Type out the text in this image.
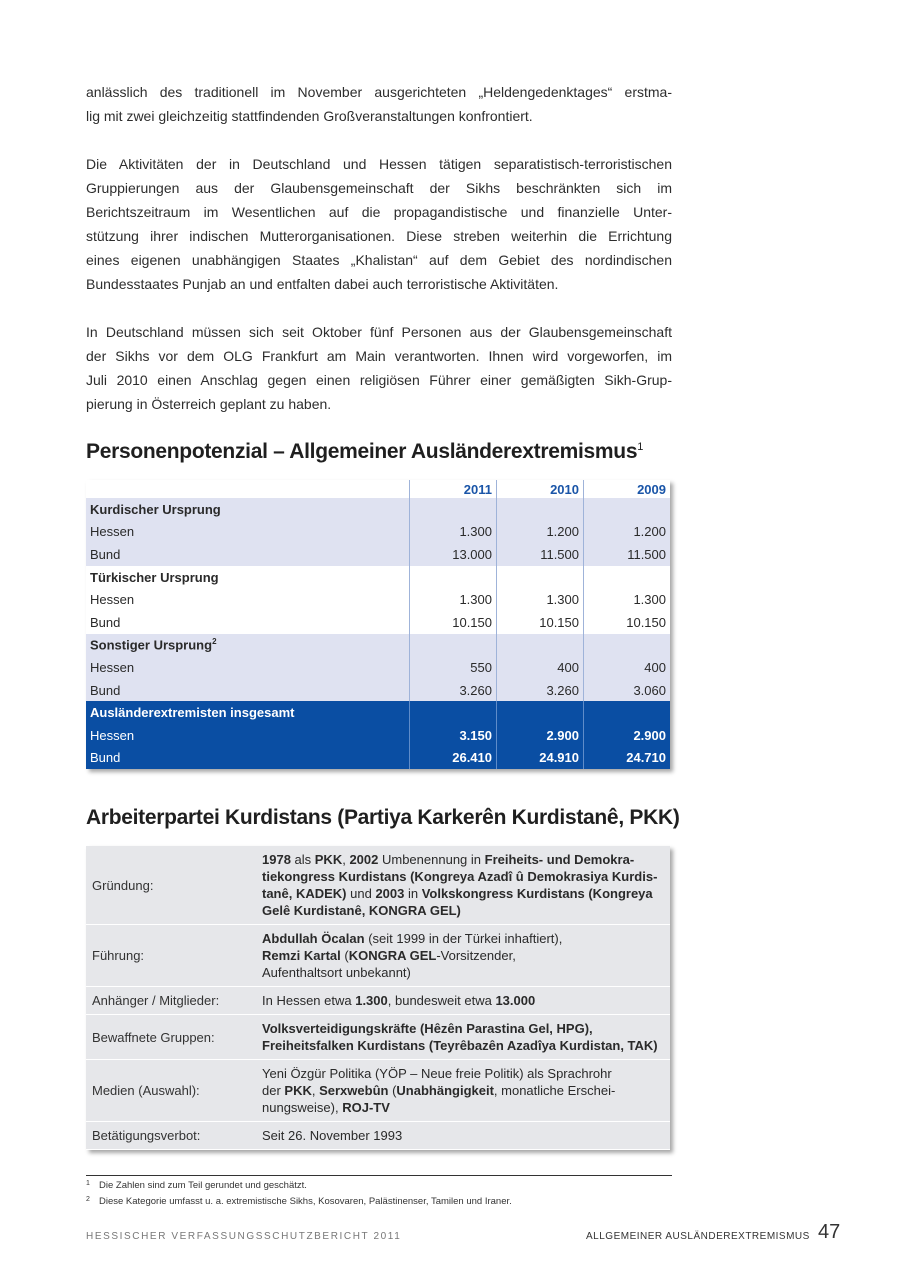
anlässlich des traditionell im November ausgerichteten „Heldengedenktages“ erstma-
lig mit zwei gleichzeitig stattfindenden Großveranstaltungen konfrontiert.

Die Aktivitäten der in Deutschland und Hessen tätigen separatistisch-terroristischen
Gruppierungen aus der Glaubensgemeinschaft der Sikhs beschränkten sich im
Berichtszeitraum im Wesentlichen auf die propagandistische und finanzielle Unter-
stützung ihrer indischen Mutterorganisationen. Diese streben weiterhin die Errichtung
eines eigenen unabhängigen Staates „Khalistan“ auf dem Gebiet des nordindischen
Bundesstaates Punjab an und entfalten dabei auch terroristische Aktivitäten.

In Deutschland müssen sich seit Oktober fünf Personen aus der Glaubensgemeinschaft
der Sikhs vor dem OLG Frankfurt am Main verantworten. Ihnen wird vorgeworfen, im
Juli 2010 einen Anschlag gegen einen religiösen Führer einer gemäßigten Sikh-Grup-
pierung in Österreich geplant zu haben.

Personenpotenzial – Allgemeiner Ausländerextremismus$^1$
	2011	2010	2009
Kurdischer Ursprung			
Hessen	1.300	1.200	1.200
Bund	13.000	11.500	11.500
Türkischer Ursprung			
Hessen	1.300	1.300	1.300
Bund	10.150	10.150	10.150
Sonstiger Ursprung$^2$			
Hessen	550	400	400
Bund	3.260	3.260	3.060
Ausländerextremisten insgesamt			
Hessen	3.150	2.900	2.900
Bund	26.410	24.910	24.710
Arbeiterpartei Kurdistans (Partiya Karkerên Kurdistanê, PKK)
Gründung:	1978 als PKK, 2002 Umbenennung in Freiheits- und Demokra-
tiekongress Kurdistans (Kongreya Azadî û Demokrasiya Kurdis-
tanê, KADEK) und 2003 in Volkskongress Kurdistans (Kongreya
Gelê Kurdistanê, KONGRA GEL)

Führung:	Abdullah Öcalan (seit 1999 in der Türkei inhaftiert),
Remzi Kartal (KONGRA GEL-Vorsitzender,
Aufenthaltsort unbekannt)

Anhänger / Mitglieder:	In Hessen etwa 1.300, bundesweit etwa 13.000

Bewaffnete Gruppen:	Volksverteidigungskräfte (Hêzên Parastina Gel, HPG),
Freiheitsfalken Kurdistans (Teyrêbazên Azadîya Kurdistan, TAK)

Medien (Auswahl):	Yeni Özgür Politika (YÖP – Neue freie Politik) als Sprachrohr
der PKK, Serxwebûn (Unabhängigkeit, monatliche Erschei-
nungsweise), ROJ-TV

Betätigungsverbot:	Seit 26. November 1993
1 Die Zahlen sind zum Teil gerundet und geschätzt.
2 Diese Kategorie umfasst u. a. extremistische Sikhs, Kosovaren, Palästinenser, Tamilen und Iraner.
HESSISCHER VERFASSUNGSSCHUTZBERICHT 2011	ALLGEMEINER AUSLÄNDEREXTREMISMUS 47
